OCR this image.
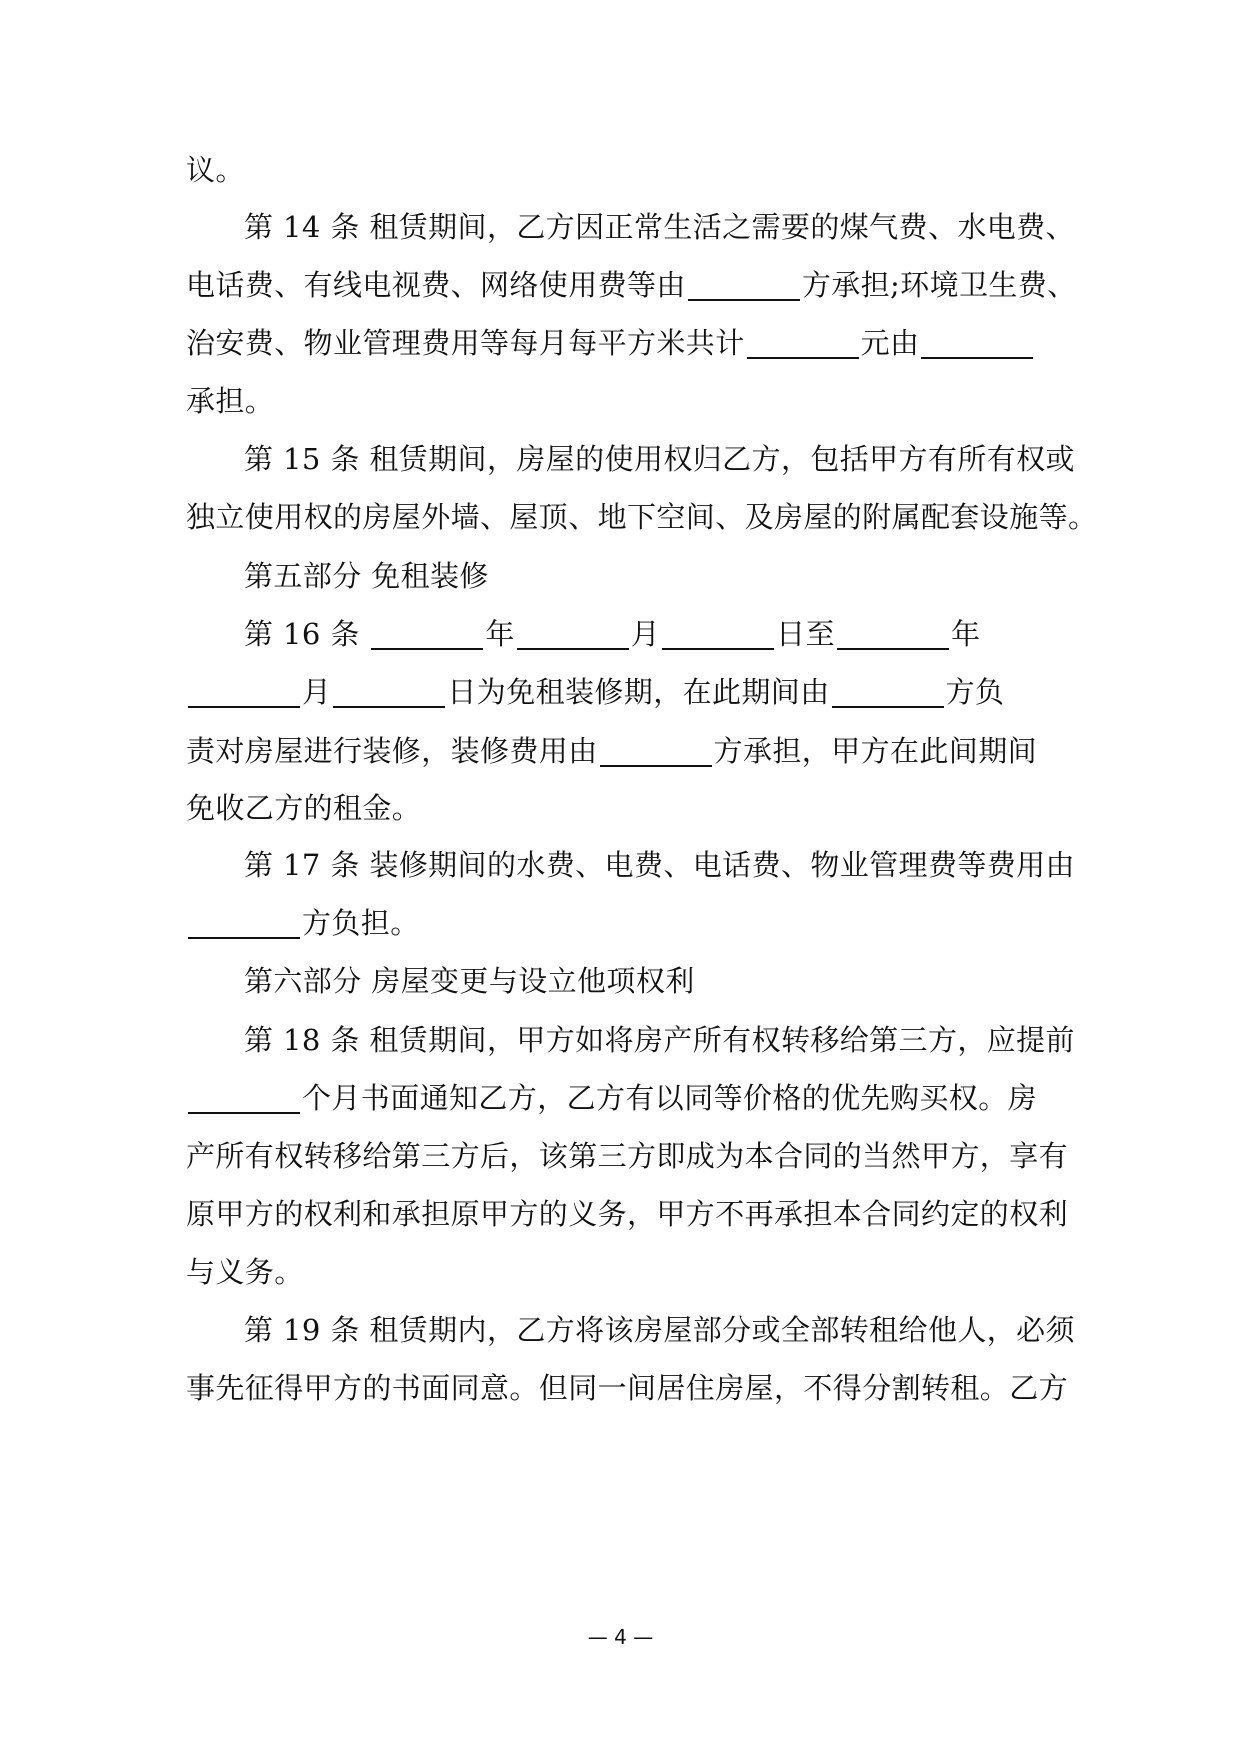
议。
第 14 条 租赁期间，乙方因正常生活之需要的煤气费、水电费、
电话费、有线电视费、网络使用费等由	方承担;环境卫生费、
治安费、物业管理费用等每月每平方米共计	元由
承担。
第 15 条 租赁期间，房屋的使用权归乙方，包括甲方有所有权或
独立使用权的房屋外墙、屋顶、地下空间、及房屋的附属配套设施等。
第五部分 免租装修
第 16 条	年	月	日至	年
月	日为免租装修期，在此期间由	方负
责对房屋进行装修，装修费用由	方承担，甲方在此间期间
免收乙方的租金。
第 17 条 装修期间的水费、电费、电话费、物业管理费等费用由
方负担。
第六部分 房屋变更与设立他项权利
第 18 条 租赁期间，甲方如将房产所有权转移给第三方，应提前
个月书面通知乙方，乙方有以同等价格的优先购买权。房
产所有权转移给第三方后，该第三方即成为本合同的当然甲方，享有
原甲方的权利和承担原甲方的义务，甲方不再承担本合同约定的权利
与义务。
第 19 条 租赁期内，乙方将该房屋部分或全部转租给他人，必须
事先征得甲方的书面同意。但同一间居住房屋，不得分割转租。乙方
— 4 —
